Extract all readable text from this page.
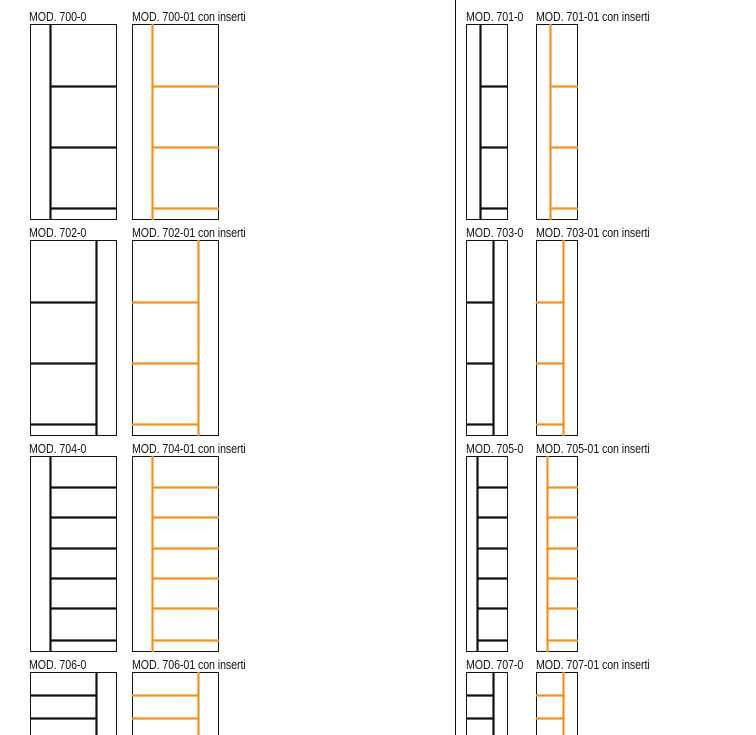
MOD. 700-0	MOD. 700-01 con inserti
MOD. 702-0	MOD. 702-01 con inserti
MOD. 704-0	MOD. 704-01 con inserti
MOD. 706-0	MOD. 706-01 con inserti
MOD. 701-0 MOD. 701-01 con inserti
MOD. 703-0 MOD. 703-01 con inserti
MOD. 705-0 MOD. 705-01 con inserti
MOD. 707-0 MOD. 707-01 con inserti
